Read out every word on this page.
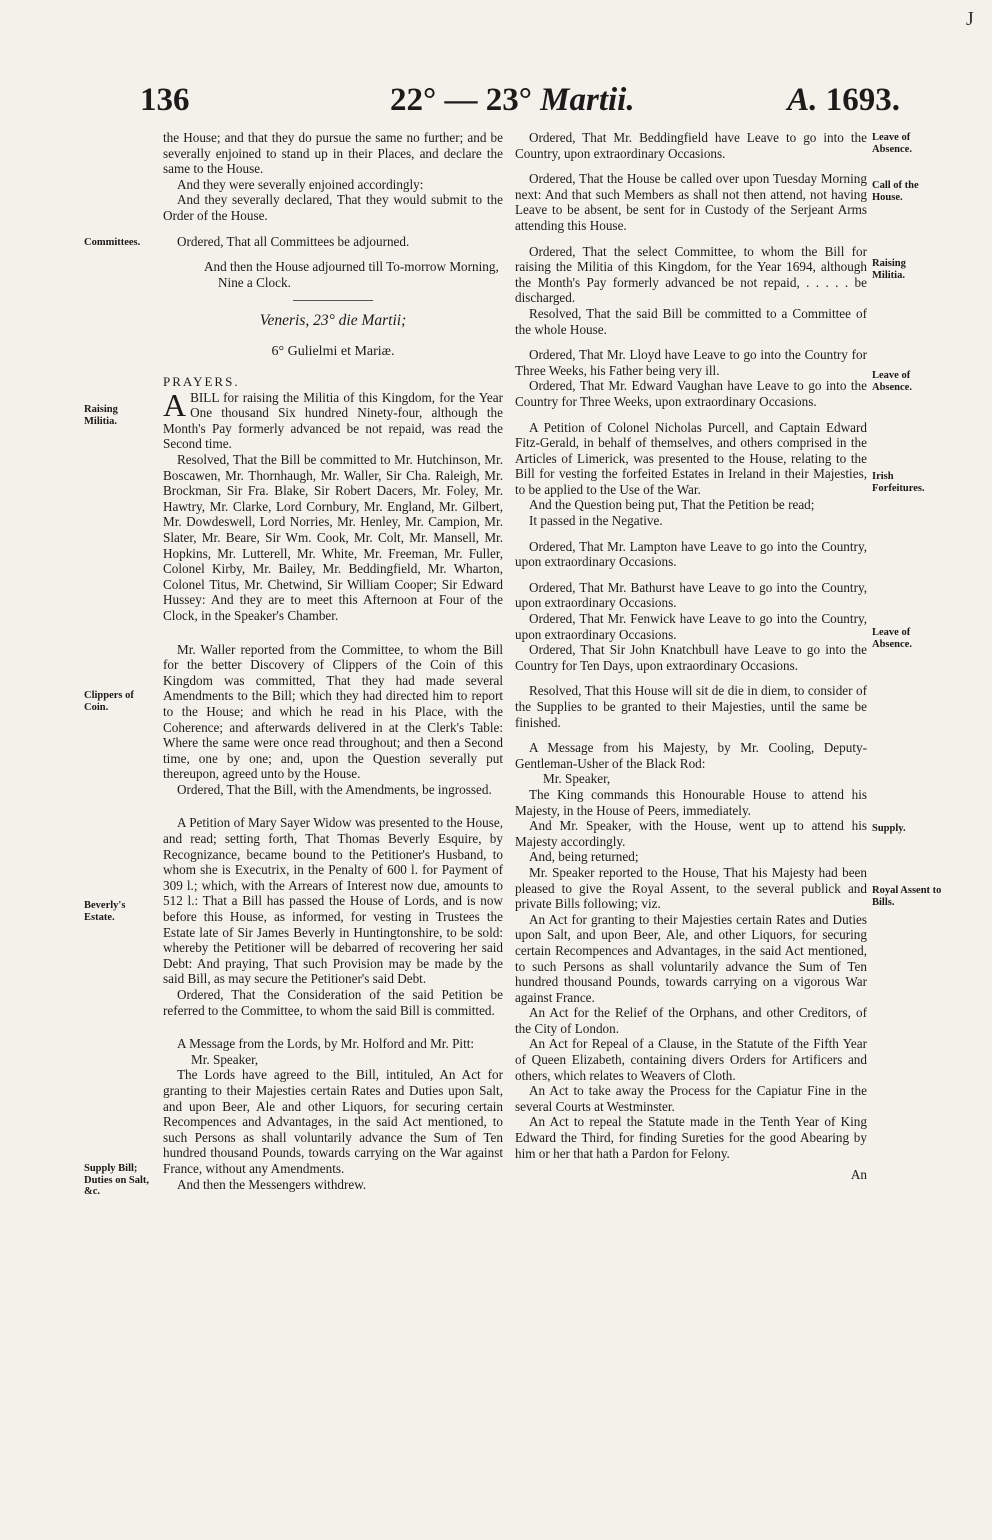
136	22° — 23° Martii.	A. 1693.
J
Committees.
Raising Militia.
Clippers of Coin.
Beverly's Estate.
Supply Bill; Duties on Salt, &c.
Leave of Absence.
Call of the House.
Raising Militia.
Leave of Absence.
Irish Forfeitures.
Leave of Absence.
Supply.
Royal Assent to Bills.

the House; and that they do pursue the same no further; and be severally enjoined to stand up in their Places, and declare the same to the House.

And they were severally enjoined accordingly:

And they severally declared, That they would submit to the Order of the House.

Ordered, That all Committees be adjourned.

And then the House adjourned till To-morrow Morning, Nine a Clock.

Veneris, 23° die Martii;

6° Gulielmi et Mariæ.

PRAYERS.

ABILL for raising the Militia of this Kingdom, for the Year One thousand Six hundred Ninety-four, although the Month's Pay formerly advanced be not repaid, was read the Second time.

Resolved, That the Bill be committed to Mr. Hutchinson, Mr. Boscawen, Mr. Thornhaugh, Mr. Waller, Sir Cha. Raleigh, Mr. Brockman, Sir Fra. Blake, Sir Robert Dacers, Mr. Foley, Mr. Hawtry, Mr. Clarke, Lord Cornbury, Mr. England, Mr. Gilbert, Mr. Dowdeswell, Lord Norries, Mr. Henley, Mr. Campion, Mr. Slater, Mr. Beare, Sir Wm. Cook, Mr. Colt, Mr. Mansell, Mr. Hopkins, Mr. Lutterell, Mr. White, Mr. Freeman, Mr. Fuller, Colonel Kirby, Mr. Bailey, Mr. Beddingfield, Mr. Wharton, Colonel Titus, Mr. Chetwind, Sir William Cooper; Sir Edward Hussey: And they are to meet this Afternoon at Four of the Clock, in the Speaker's Chamber.

Mr. Waller reported from the Committee, to whom the Bill for the better Discovery of Clippers of the Coin of this Kingdom was committed, That they had made several Amendments to the Bill; which they had directed him to report to the House; and which he read in his Place, with the Coherence; and afterwards delivered in at the Clerk's Table: Where the same were once read throughout; and then a Second time, one by one; and, upon the Question severally put thereupon, agreed unto by the House.

Ordered, That the Bill, with the Amendments, be ingrossed.

A Petition of Mary Sayer Widow was presented to the House, and read; setting forth, That Thomas Beverly Esquire, by Recognizance, became bound to the Petitioner's Husband, to whom she is Executrix, in the Penalty of 600 l. for Payment of 309 l.; which, with the Arrears of Interest now due, amounts to 512 l.: That a Bill has passed the House of Lords, and is now before this House, as informed, for vesting in Trustees the Estate late of Sir James Beverly in Huntingtonshire, to be sold: whereby the Petitioner will be debarred of recovering her said Debt: And praying, That such Provision may be made by the said Bill, as may secure the Petitioner's said Debt.

Ordered, That the Consideration of the said Petition be referred to the Committee, to whom the said Bill is committed.

A Message from the Lords, by Mr. Holford and Mr. Pitt:

Mr. Speaker,

The Lords have agreed to the Bill, intituled, An Act for granting to their Majesties certain Rates and Duties upon Salt, and upon Beer, Ale and other Liquors, for securing certain Recompences and Advantages, in the said Act mentioned, to such Persons as shall voluntarily advance the Sum of Ten hundred thousand Pounds, towards carrying on the War against France, without any Amendments.

And then the Messengers withdrew.

Ordered, That Mr. Beddingfield have Leave to go into the Country, upon extraordinary Occasions.

Ordered, That the House be called over upon Tuesday Morning next: And that such Members as shall not then attend, not having Leave to be absent, be sent for in Custody of the Serjeant Arms attending this House.

Ordered, That the select Committee, to whom the Bill for raising the Militia of this Kingdom, for the Year 1694, although the Month's Pay formerly advanced be not repaid, . . . . . be discharged.

Resolved, That the said Bill be committed to a Committee of the whole House.

Ordered, That Mr. Lloyd have Leave to go into the Country for Three Weeks, his Father being very ill.

Ordered, That Mr. Edward Vaughan have Leave to go into the Country for Three Weeks, upon extraordinary Occasions.

A Petition of Colonel Nicholas Purcell, and Captain Edward Fitz-Gerald, in behalf of themselves, and others comprised in the Articles of Limerick, was presented to the House, relating to the Bill for vesting the forfeited Estates in Ireland in their Majesties, to be applied to the Use of the War.

And the Question being put, That the Petition be read;

It passed in the Negative.

Ordered, That Mr. Lampton have Leave to go into the Country, upon extraordinary Occasions.

Ordered, That Mr. Bathurst have Leave to go into the Country, upon extraordinary Occasions.

Ordered, That Mr. Fenwick have Leave to go into the Country, upon extraordinary Occasions.

Ordered, That Sir John Knatchbull have Leave to go into the Country for Ten Days, upon extraordinary Occasions.

Resolved, That this House will sit de die in diem, to consider of the Supplies to be granted to their Majesties, until the same be finished.

A Message from his Majesty, by Mr. Cooling, Deputy-Gentleman-Usher of the Black Rod:

Mr. Speaker,

The King commands this Honourable House to attend his Majesty, in the House of Peers, immediately.

And Mr. Speaker, with the House, went up to attend his Majesty accordingly.

And, being returned;

Mr. Speaker reported to the House, That his Majesty had been pleased to give the Royal Assent, to the several publick and private Bills following; viz.

An Act for granting to their Majesties certain Rates and Duties upon Salt, and upon Beer, Ale, and other Liquors, for securing certain Recompences and Advantages, in the said Act mentioned, to such Persons as shall voluntarily advance the Sum of Ten hundred thousand Pounds, towards carrying on a vigorous War against France.

An Act for the Relief of the Orphans, and other Creditors, of the City of London.

An Act for Repeal of a Clause, in the Statute of the Fifth Year of Queen Elizabeth, containing divers Orders for Artificers and others, which relates to Weavers of Cloth.

An Act to take away the Process for the Capiatur Fine in the several Courts at Westminster.

An Act to repeal the Statute made in the Tenth Year of King Edward the Third, for finding Sureties for the good Abearing by him or her that hath a Pardon for Felony.

An
